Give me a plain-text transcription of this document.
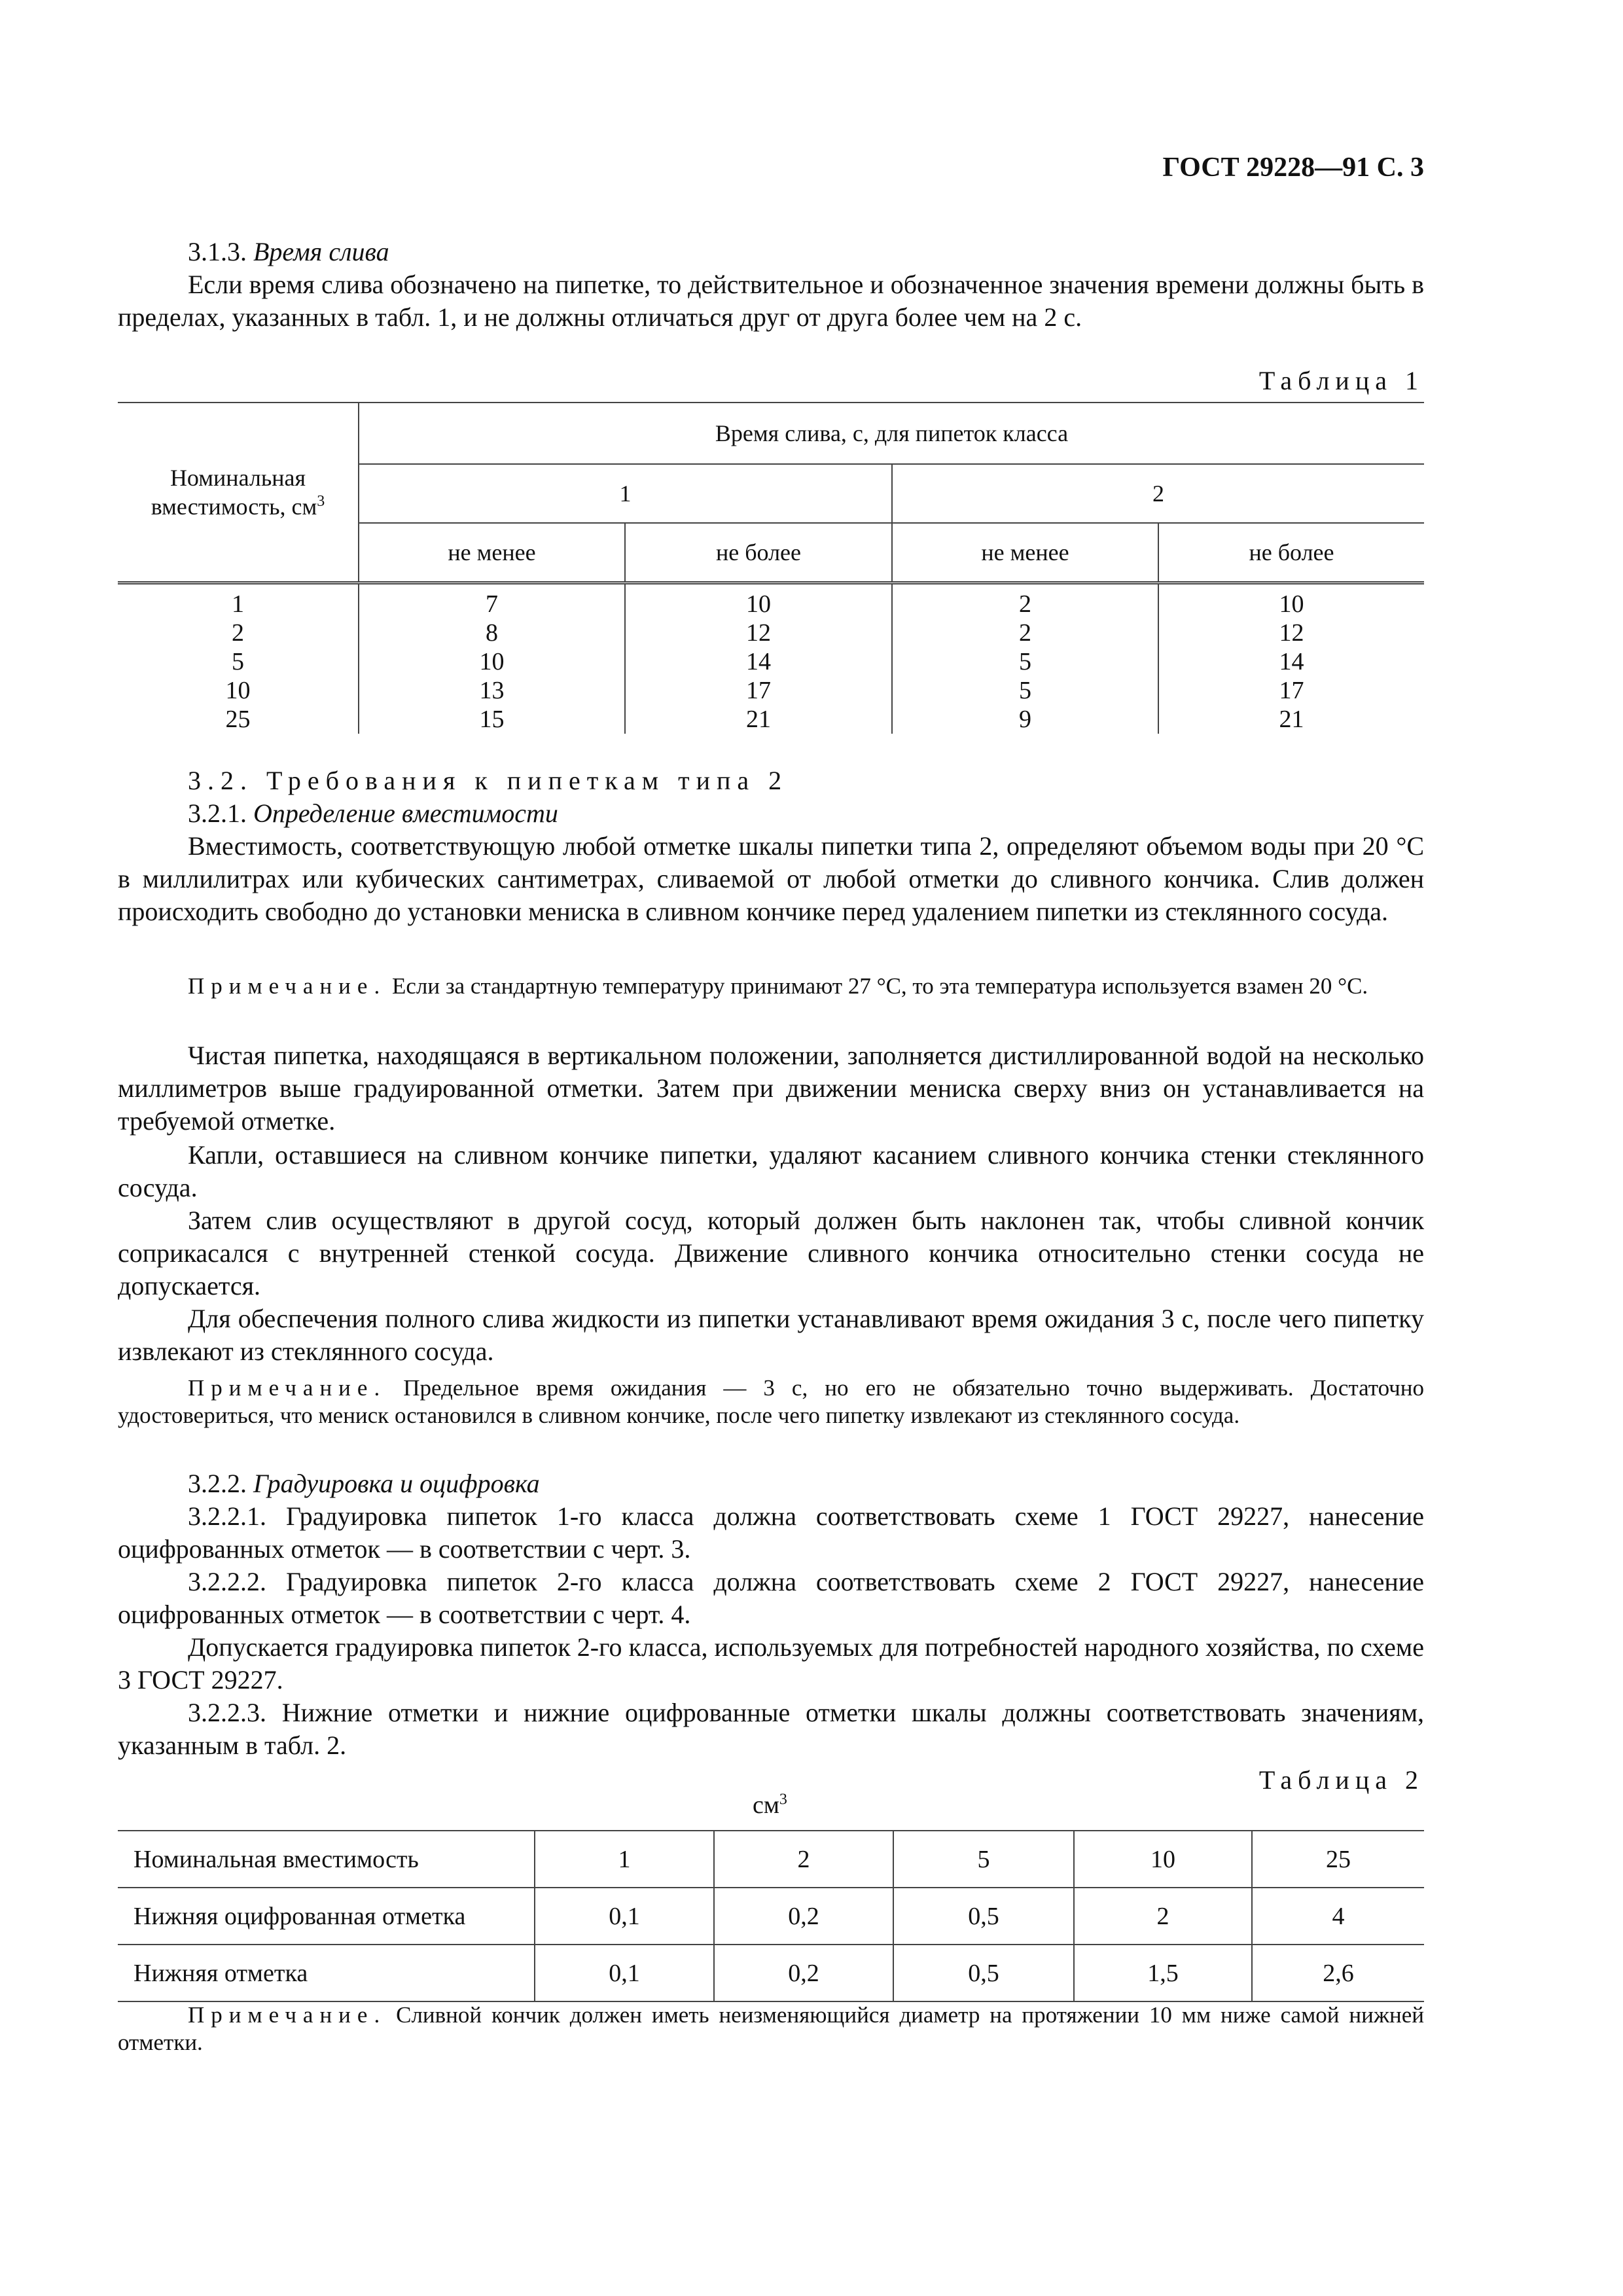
ГОСТ 29228—91 С. 3
3.1.3. Время слива
Если время слива обозначено на пипетке, то действительное и обозначенное значения времени должны быть в пределах, указанных в табл. 1, и не должны отличаться друг от друга более чем на 2 с.
Таблица 1
Номинальная вместимость, $см^3$	Время слива, с, для пипеток класса			
	1		2	
	не менее	не более	не менее	не более

1	7	10	2	10
2	8	12	2	12
5	10	14	5	14
10	13	17	5	17
25	15	21	9	21
3.2. Требования к пипеткам типа 2
3.2.1. Определение вместимости
Вместимость, соответствующую любой отметке шкалы пипетки типа 2, определяют объемом воды при 20 °С в миллилитрах или кубических сантиметрах, сливаемой от любой отметки до сливного кончика. Слив должен происходить свободно до установки мениска в сливном кончике перед удалением пипетки из стеклянного сосуда.
Примечание. Если за стандартную температуру принимают 27 °С, то эта температура используется взамен 20 °С.
Чистая пипетка, находящаяся в вертикальном положении, заполняется дистиллированной водой на несколько миллиметров выше градуированной отметки. Затем при движении мениска сверху вниз он устанавливается на требуемой отметке.
Капли, оставшиеся на сливном кончике пипетки, удаляют касанием сливного кончика стенки стеклянного сосуда.
Затем слив осуществляют в другой сосуд, который должен быть наклонен так, чтобы сливной кончик соприкасался с внутренней стенкой сосуда. Движение сливного кончика относительно стенки сосуда не допускается.
Для обеспечения полного слива жидкости из пипетки устанавливают время ожидания 3 с, после чего пипетку извлекают из стеклянного сосуда.
Примечание. Предельное время ожидания — 3 с, но его не обязательно точно выдерживать. Достаточно удостовериться, что мениск остановился в сливном кончике, после чего пипетку извлекают из стеклянного сосуда.
3.2.2. Градуировка и оцифровка
3.2.2.1. Градуировка пипеток 1-го класса должна соответствовать схеме 1 ГОСТ 29227, нанесение оцифрованных отметок — в соответствии с черт. 3.
3.2.2.2. Градуировка пипеток 2-го класса должна соответствовать схеме 2 ГОСТ 29227, нанесение оцифрованных отметок — в соответствии с черт. 4.
Допускается градуировка пипеток 2-го класса, используемых для потребностей народного хозяйства, по схеме 3 ГОСТ 29227.
3.2.2.3. Нижние отметки и нижние оцифрованные отметки шкалы должны соответствовать значениям, указанным в табл. 2.
Таблица 2
$см^3$
Номинальная вместимость	1	2	5	10	25
Нижняя оцифрованная отметка	0,1	0,2	0,5	2	4
Нижняя отметка	0,1	0,2	0,5	1,5	2,6
Примечание. Сливной кончик должен иметь неизменяющийся диаметр на протяжении 10 мм ниже самой нижней отметки.
